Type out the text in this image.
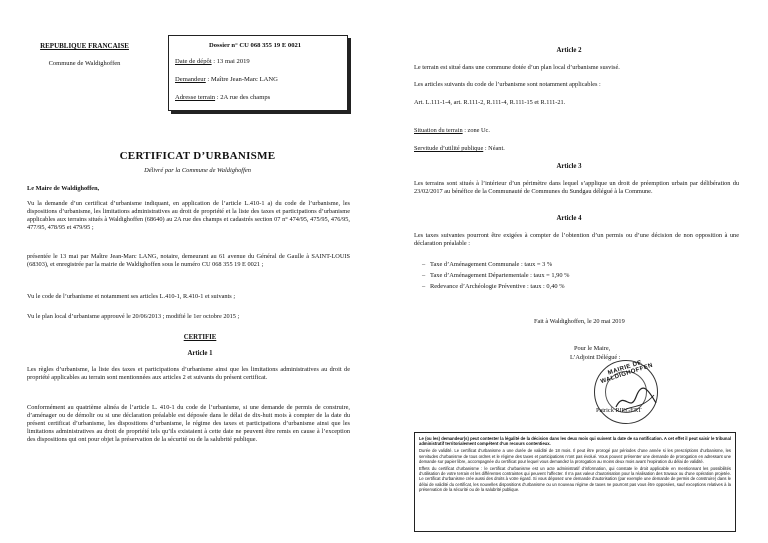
REPUBLIQUE FRANCAISE
Commune de Waldighoffen
Dossier n° CU 068 355 19 E 0021
Date de dépôt : 13 mai 2019
Demandeur : Maître Jean-Marc LANG
Adresse terrain : 2A rue des champs
CERTIFICAT D’URBANISME
Délivré par la Commune de Waldighoffen
Le Maire de Waldighoffen,
Vu la demande d’un certificat d’urbanisme indiquant, en application de l’article L.410-1 a) du code de l’urbanisme, les dispositions d’urbanisme, les limitations administratives au droit de propriété et la liste des taxes et participations d’urbanisme applicables aux terrains situés à Waldighoffen (68640) au 2A rue des champs et cadastrés section 07 n° 474/95, 475/95, 476/95, 477/95, 478/95 et 479/95 ;
présentée le 13 mai par Maître Jean-Marc LANG, notaire, demeurant au 61 avenue du Général de Gaulle à SAINT-LOUIS (68303), et enregistrée par la mairie de Waldighoffen sous le numéro CU 068 355 19 E 0021 ;
Vu le code de l’urbanisme et notamment ses articles L.410-1, R.410-1 et suivants ;
Vu le plan local d’urbanisme approuvé le 20/06/2013 ; modifié le 1er octobre 2015 ;
CERTIFIE
Article 1
Les règles d’urbanisme, la liste des taxes et participations d’urbanisme ainsi que les limitations administratives au droit de propriété applicables au terrain sont mentionnées aux articles 2 et suivants du présent certificat.
Conformément au quatrième alinéa de l’article L. 410-1 du code de l’urbanisme, si une demande de permis de construire, d’aménager ou de démolir ou si une déclaration préalable est déposée dans le délai de dix-huit mois à compter de la date du présent certificat d’urbanisme, les dispositions d’urbanisme, le régime des taxes et participations d’urbanisme ainsi que les limitations administratives au droit de propriété tels qu’ils existaient à cette date ne peuvent être remis en cause à l’exception des dispositions qui ont pour objet la préservation de la sécurité ou de la salubrité publique.
Article 2
Le terrain est situé dans une commune dotée d’un plan local d’urbanisme susvisé.
Les articles suivants du code de l’urbanisme sont notamment applicables :
Art. L.111-1-4, art. R.111-2, R.111-4, R.111-15 et R.111-21.
Situation du terrain : zone Uc.
Servitude d’utilité publique : Néant.
Article 3
Les terrains sont situés à l’intérieur d’un périmètre dans lequel s’applique un droit de préemption urbain par délibération du 23/02/2017 au bénéfice de la Communauté de Communes du Sundgau délégué à la Commune.
Article 4
Les taxes suivantes pourront être exigées à compter de l’obtention d’un permis ou d’une décision de non opposition à une déclaration préalable :
–   Taxe d’Aménagement Communale : taux = 3 %
–   Taxe d’Aménagement Départementale : taux = 1,90 %
–   Redevance d’Archéologie Préventive : taux : 0,40 %
Fait à Waldighoffen, le 20 mai 2019
Pour le Maire,
L’Adjoint Délégué :
MAIRIE DE WALDIGHOFFEN
Patrick RIEGERT

Le (ou les) demandeur(s) peut contester la légalité de la décision dans les deux mois qui suivent la date de sa notification. A cet effet il peut saisir le tribunal administratif territorialement compétent d’un recours contentieux.

Durée de validité. Le certificat d’urbanisme a une durée de validité de 18 mois. Il peut être prorogé par périodes d’une année si les prescriptions d’urbanisme, les servitudes d’urbanisme de tous ordres et le régime des taxes et participations n’ont pas évolué. Vous pouvez présenter une demande de prorogation en adressant une demande sur papier libre, accompagnée du certificat pour lequel vous demandez la prorogation au moins deux mois avant l’expiration du délai de validité.

Effets du certificat d’urbanisme : le certificat d’urbanisme est un acte administratif d’information, qui constate le droit applicable en mentionnant les possibilités d’utilisation de votre terrain et les différentes contraintes qui peuvent l’affecter. Il n’a pas valeur d’autorisation pour la réalisation des travaux ou d’une opération projetée. Le certificat d’urbanisme crée aussi des droits à votre égard. Si vous déposez une demande d’autorisation (par exemple une demande de permis de construire) dans le délai de validité du certificat, les nouvelles dispositions d’urbanisme ou un nouveau régime de taxes ne pourront pas vous être opposées, sauf exceptions relatives à la préservation de la sécurité ou de la salubrité publique.
